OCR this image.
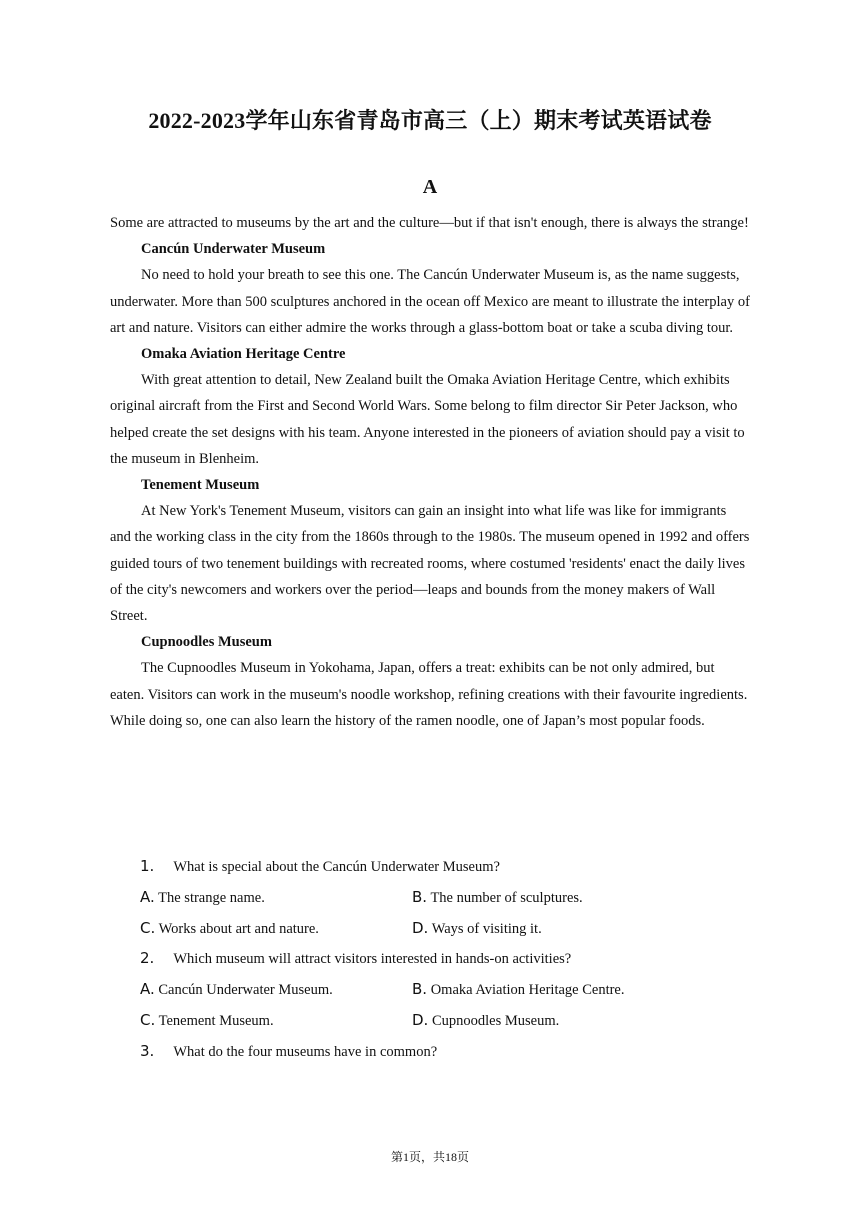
2022-2023学年山东省青岛市高三（上）期末考试英语试卷
A

Some are attracted to museums by the art and the culture—but if that isn't enough, there is always the strange!

Cancún Underwater Museum

No need to hold your breath to see this one. The Cancún Underwater Museum is, as the name suggests, underwater. More than 500 sculptures anchored in the ocean off Mexico are meant to illustrate the interplay of art and nature. Visitors can either admire the works through a glass-bottom boat or take a scuba diving tour.

Omaka Aviation Heritage Centre

With great attention to detail, New Zealand built the Omaka Aviation Heritage Centre, which exhibits original aircraft from the First and Second World Wars. Some belong to film director Sir Peter Jackson, who helped create the set designs with his team. Anyone interested in the pioneers of aviation should pay a visit to the museum in Blenheim.

Tenement Museum

At New York's Tenement Museum, visitors can gain an insight into what life was like for immigrants and the working class in the city from the 1860s through to the 1980s. The museum opened in 1992 and offers guided tours of two tenement buildings with recreated rooms, where costumed 'residents' enact the daily lives of the city's newcomers and workers over the period—leaps and bounds from the money makers of Wall Street.

Cupnoodles Museum

The Cupnoodles Museum in Yokohama, Japan, offers a treat: exhibits can be not only admired, but eaten. Visitors can work in the museum's noodle workshop, refining creations with their favourite ingredients. While doing so, one can also learn the history of the ramen noodle, one of Japan’s most popular foods.

1. What is special about the Cancún Underwater Museum?

A. The strange name.	B. The number of sculptures.
C. Works about art and nature.	D. Ways of visiting it.

2. Which museum will attract visitors interested in hands-on activities?

A. Cancún Underwater Museum.	B. Omaka Aviation Heritage Centre.
C. Tenement Museum.	D. Cupnoodles Museum.

3. What do the four museums have in common?

第1页，共18页
